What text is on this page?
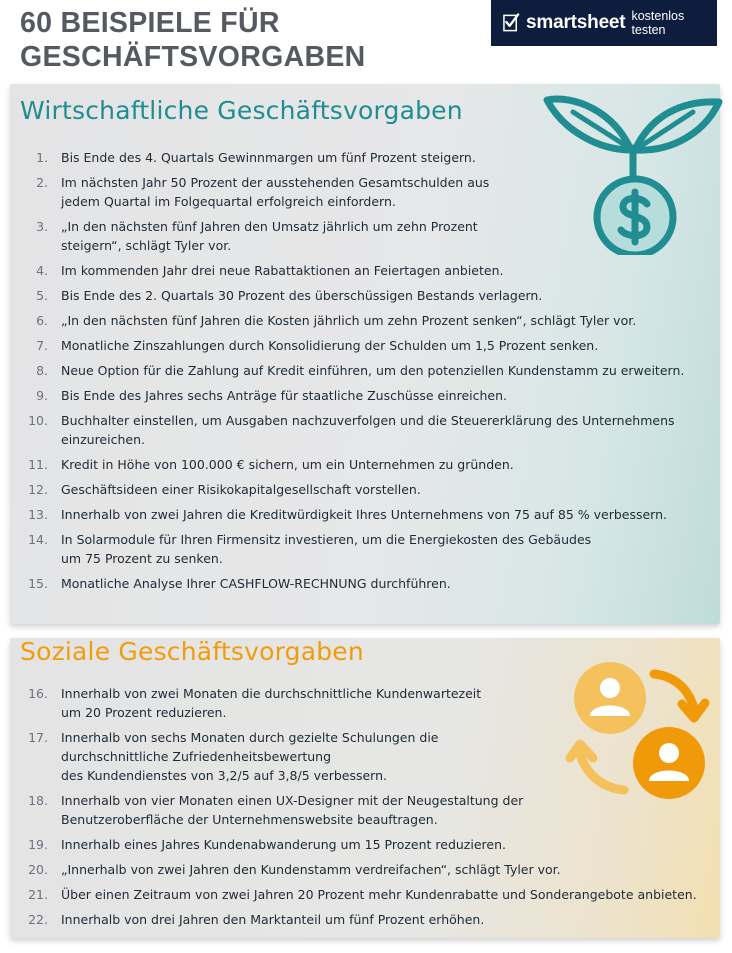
60 BEISPIELE FÜR GESCHÄFTSVORGABEN
smartsheet kostenlos testen
Wirtschaftliche Geschäftsvorgaben
1. Bis Ende des 4. Quartals Gewinnmargen um fünf Prozent steigern.
2. Im nächsten Jahr 50 Prozent der ausstehenden Gesamtschulden aus
jedem Quartal im Folgequartal erfolgreich einfordern.
3. „In den nächsten fünf Jahren den Umsatz jährlich um zehn Prozent
steigern“, schlägt Tyler vor.
4. Im kommenden Jahr drei neue Rabattaktionen an Feiertagen anbieten.
5. Bis Ende des 2. Quartals 30 Prozent des überschüssigen Bestands verlagern.
6. „In den nächsten fünf Jahren die Kosten jährlich um zehn Prozent senken“, schlägt Tyler vor.
7. Monatliche Zinszahlungen durch Konsolidierung der Schulden um 1,5 Prozent senken.
8. Neue Option für die Zahlung auf Kredit einführen, um den potenziellen Kundenstamm zu erweitern.
9. Bis Ende des Jahres sechs Anträge für staatliche Zuschüsse einreichen.
10. Buchhalter einstellen, um Ausgaben nachzuverfolgen und die Steuererklärung des Unternehmens
einzureichen.
11. Kredit in Höhe von 100.000 € sichern, um ein Unternehmen zu gründen.
12. Geschäftsideen einer Risikokapitalgesellschaft vorstellen.
13. Innerhalb von zwei Jahren die Kreditwürdigkeit Ihres Unternehmens von 75 auf 85 % verbessern.
14. In Solarmodule für Ihren Firmensitz investieren, um die Energiekosten des Gebäudes
um 75 Prozent zu senken.
15. Monatliche Analyse Ihrer CASHFLOW-RECHNUNG durchführen.
Soziale Geschäftsvorgaben
16. Innerhalb von zwei Monaten die durchschnittliche Kundenwartezeit
um 20 Prozent reduzieren.
17. Innerhalb von sechs Monaten durch gezielte Schulungen die
durchschnittliche Zufriedenheitsbewertung
des Kundendienstes von 3,2/5 auf 3,8/5 verbessern.
18. Innerhalb von vier Monaten einen UX-Designer mit der Neugestaltung der
Benutzeroberfläche der Unternehmenswebsite beauftragen.
19. Innerhalb eines Jahres Kundenabwanderung um 15 Prozent reduzieren.
20. „Innerhalb von zwei Jahren den Kundenstamm verdreifachen“, schlägt Tyler vor.
21. Über einen Zeitraum von zwei Jahren 20 Prozent mehr Kundenrabatte und Sonderangebote anbieten.
22. Innerhalb von drei Jahren den Marktanteil um fünf Prozent erhöhen.
